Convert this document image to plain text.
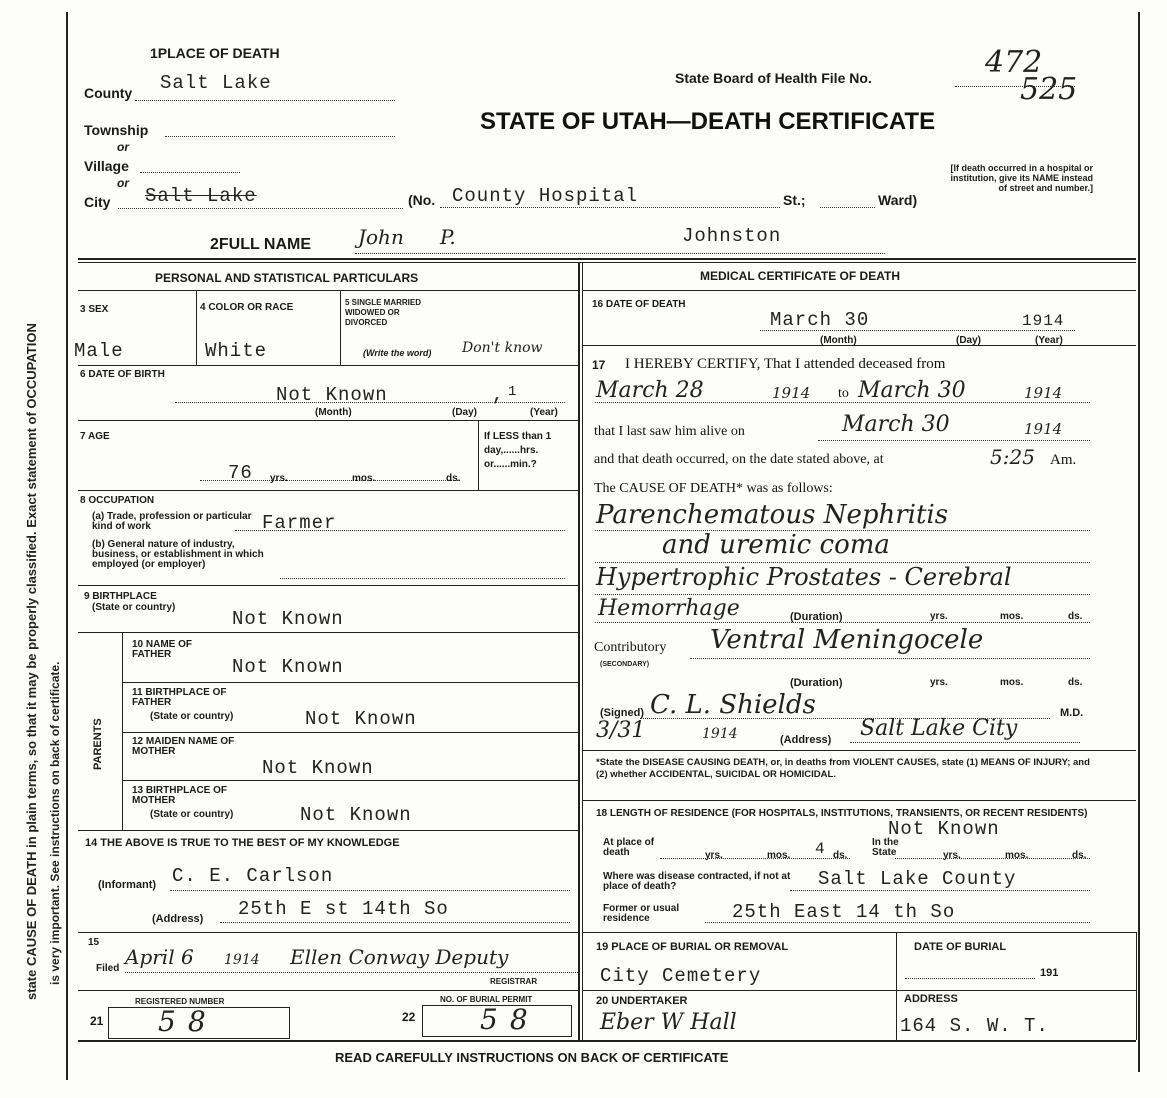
state CAUSE OF DEATH in plain terms, so that it may be properly classified. Exact statement of OCCUPATION is very important. See instructions on back of certificate.
1PLACE OF DEATH
County Salt Lake	State Board of Health File No.	472
525
Township
or
Village
or
City Salt Lake
STATE OF UTAH—DEATH CERTIFICATE
[If death occurred in a hospital or institution, give its NAME instead of street and number.]
(No. County Hospital	St.;	Ward)
2FULL NAME John P.	Johnston
PERSONAL AND STATISTICAL PARTICULARS
3 SEX
Male
4 COLOR OR RACE
White
5 SINGLE MARRIED WIDOWED OR DIVORCED
(Write the word) Don't know
6 DATE OF BIRTH
Not Known	, 1
(Month)	(Day)	(Year)
7 AGE
76 yrs.	mos.	ds.
If LESS than 1 day,......hrs. or......min.?
8 OCCUPATION
(a) Trade, profession or particular kind of work	Farmer
(b) General nature of industry, business, or establishment in which employed (or employer)
9 BIRTHPLACE
(State or country)
Not Known
PARENTS
10 NAME OF FATHER
Not Known
11 BIRTHPLACE OF FATHER
(State or country)	Not Known
12 MAIDEN NAME OF MOTHER
Not Known
13 BIRTHPLACE OF MOTHER
(State or country)	Not Known
14 THE ABOVE IS TRUE TO THE BEST OF MY KNOWLEDGE
(Informant) C. E. Carlson
(Address) 25th E st 14th So
15
Filed April 6 1914 Ellen Conway Deputy
REGISTRAR
REGISTERED NUMBER
21 58
NO. OF BURIAL PERMIT
22 58
MEDICAL CERTIFICATE OF DEATH
16 DATE OF DEATH
March 30	1914
(Month)	(Day)	(Year)
17 I HEREBY CERTIFY, That I attended deceased from
March 28	1914 to March 30	1914
that I last saw him alive on	March 30	1914
and that death occurred, on the date stated above, at	5:25 Am.
The CAUSE OF DEATH* was as follows:
Parenchematous Nephritis
and uremic coma
Hypertrophic Prostates - Cerebral
Hemorrhage	(Duration)	yrs.	mos.	ds.
Contributory
(SECONDARY)
Ventral Meningocele
(Duration)	yrs.	mos.	ds.
(Signed) C. L. Shields	M.D.
3/31	1914	(Address) Salt Lake City
*State the DISEASE CAUSING DEATH, or, in deaths from VIOLENT CAUSES, state (1) MEANS OF INJURY; and (2) whether ACCIDENTAL, SUICIDAL OR HOMICIDAL.
18 LENGTH OF RESIDENCE (FOR HOSPITALS, INSTITUTIONS, TRANSIENTS, OR RECENT RESIDENTS)
At place of death	yrs.	mos. 4 ds.
In the State
Not Known
yrs.	mos.	ds.
Where was disease contracted, if not at place of death?	Salt Lake County
Former or usual residence	25th East 14 th So
19 PLACE OF BURIAL OR REMOVAL
City Cemetery
DATE OF BURIAL
191
20 UNDERTAKER
Eber W Hall
ADDRESS
164 S. W. T.
READ CAREFULLY INSTRUCTIONS ON BACK OF CERTIFICATE
